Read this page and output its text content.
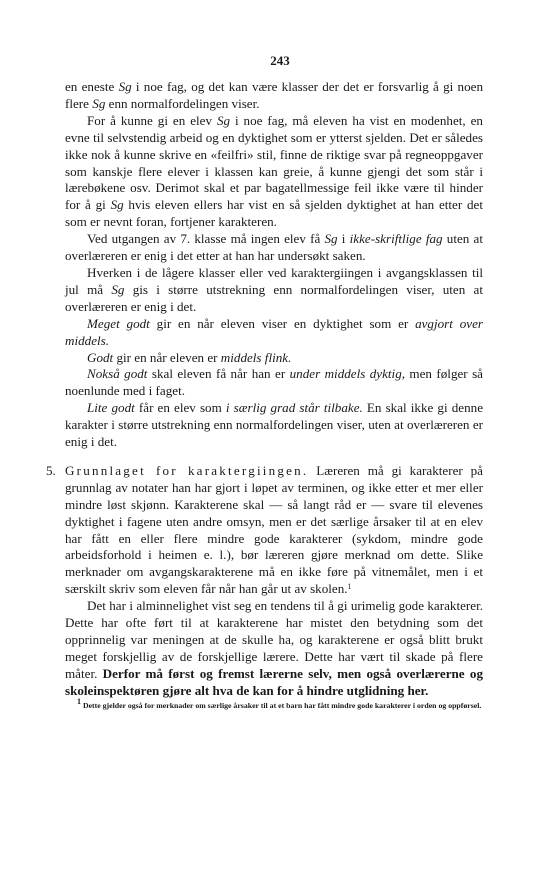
243

en eneste Sg i noe fag, og det kan være klasser der det er forsvarlig å gi noen flere Sg enn normalfordelingen viser.

For å kunne gi en elev Sg i noe fag, må eleven ha vist en modenhet, en evne til selvstendig arbeid og en dyktighet som er ytterst sjelden. Det er således ikke nok å kunne skrive en «feilfri» stil, finne de riktige svar på regneoppgaver som kanskje flere elever i klassen kan greie, å kunne gjengi det som står i lærebøkene osv. Derimot skal et par bagatellmessige feil ikke være til hinder for å gi Sg hvis eleven ellers har vist en så sjelden dyktighet at han etter det som er nevnt foran, fortjener karakteren.

Ved utgangen av 7. klasse må ingen elev få Sg i ikke-skriftlige fag uten at overlæreren er enig i det etter at han har undersøkt saken.

Hverken i de lågere klasser eller ved karaktergiingen i avgangsklassen til jul må Sg gis i større utstrekning enn normalfordelingen viser, uten at overlæreren er enig i det.

Meget godt gir en når eleven viser en dyktighet som er avgjort over middels.

Godt gir en når eleven er middels flink.

Nokså godt skal eleven få når han er under middels dyktig, men følger så noenlunde med i faget.

Lite godt får en elev som i særlig grad står tilbake. En skal ikke gi denne karakter i større utstrekning enn normalfordelingen viser, uten at overlæreren er enig i det.

5. Grunnlaget for karaktergiingen. Læreren må gi karakterer på grunnlag av notater han har gjort i løpet av terminen, og ikke etter et mer eller mindre løst skjønn. Karakterene skal — så langt råd er — svare til elevenes dyktighet i fagene uten andre omsyn, men er det særlige årsaker til at en elev har fått en eller flere mindre gode karakterer (sykdom, mindre gode arbeidsforhold i heimen e. l.), bør læreren gjøre merknad om dette. Slike merknader om avgangskarakterene må en ikke føre på vitnemålet, men i et særskilt skriv som eleven får når han går ut av skolen.$^1$

Det har i alminnelighet vist seg en tendens til å gi urimelig gode karakterer. Dette har ofte ført til at karakterene har mistet den betydning som det opprinnelig var meningen at de skulle ha, og karakterene er også blitt brukt meget forskjellig av de forskjellige lærere. Dette har vært til skade på flere måter. Derfor må først og fremst lærerne selv, men også overlærerne og skoleinspektøren gjøre alt hva de kan for å hindre utglidning her.

$^1$ Dette gjelder også for merknader om særlige årsaker til at et barn har fått mindre gode karakterer i orden og oppførsel.
